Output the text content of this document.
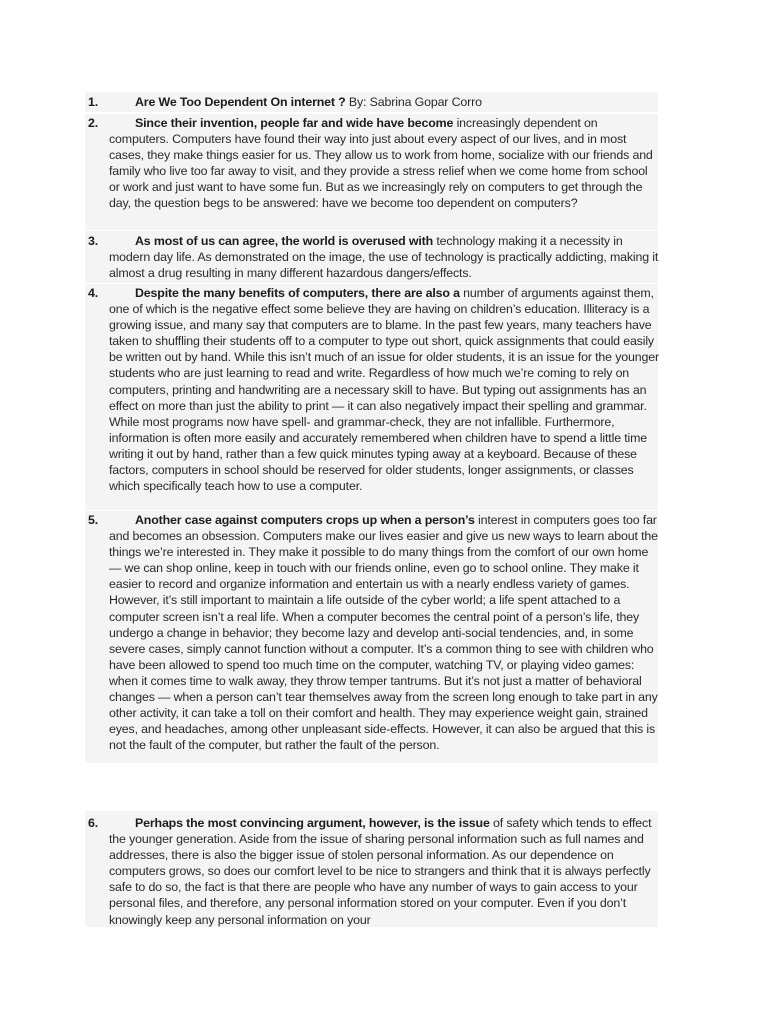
1.	Are We Too Dependent On internet ? By: Sabrina Gopar Corro
2.	Since their invention, people far and wide have become increasingly dependent on computers. Computers have found their way into just about every aspect of our lives, and in most cases, they make things easier for us. They allow us to work from home, socialize with our friends and family who live too far away to visit, and they provide a stress relief when we come home from school or work and just want to have some fun. But as we increasingly rely on computers to get through the day, the question begs to be answered: have we become too dependent on computers?
3.	As most of us can agree, the world is overused with technology making it a necessity in modern day life. As demonstrated on the image, the use of technology is practically addicting, making it almost a drug resulting in many different hazardous dangers/effects.
4.	Despite the many benefits of computers, there are also a number of arguments against them, one of which is the negative effect some believe they are having on children’s education. Illiteracy is a growing issue, and many say that computers are to blame. In the past few years, many teachers have taken to shuffling their students off to a computer to type out short, quick assignments that could easily be written out by hand. While this isn’t much of an issue for older students, it is an issue for the younger students who are just learning to read and write. Regardless of how much we’re coming to rely on computers, printing and handwriting are a necessary skill to have. But typing out assignments has an effect on more than just the ability to print — it can also negatively impact their spelling and grammar. While most programs now have spell- and grammar-check, they are not infallible. Furthermore, information is often more easily and accurately remembered when children have to spend a little time writing it out by hand, rather than a few quick minutes typing away at a keyboard. Because of these factors, computers in school should be reserved for older students, longer assignments, or classes which specifically teach how to use a computer.
5.	Another case against computers crops up when a person’s interest in computers goes too far and becomes an obsession. Computers make our lives easier and give us new ways to learn about the things we’re interested in. They make it possible to do many things from the comfort of our own home — we can shop online, keep in touch with our friends online, even go to school online. They make it easier to record and organize information and entertain us with a nearly endless variety of games. However, it’s still important to maintain a life outside of the cyber world; a life spent attached to a computer screen isn’t a real life. When a computer becomes the central point of a person’s life, they undergo a change in behavior; they become lazy and develop anti-social tendencies, and, in some severe cases, simply cannot function without a computer. It’s a common thing to see with children who have been allowed to spend too much time on the computer, watching TV, or playing video games: when it comes time to walk away, they throw temper tantrums. But it’s not just a matter of behavioral changes — when a person can’t tear themselves away from the screen long enough to take part in any other activity, it can take a toll on their comfort and health. They may experience weight gain, strained eyes, and headaches, among other unpleasant side-effects. However, it can also be argued that this is not the fault of the computer, but rather the fault of the person.
6.	Perhaps the most convincing argument, however, is the issue of safety which tends to effect the younger generation. Aside from the issue of sharing personal information such as full names and addresses, there is also the bigger issue of stolen personal information. As our dependence on computers grows, so does our comfort level to be nice to strangers and think that it is always perfectly safe to do so, the fact is that there are people who have any number of ways to gain access to your personal files, and therefore, any personal information stored on your computer. Even if you don’t knowingly keep any personal information on your
